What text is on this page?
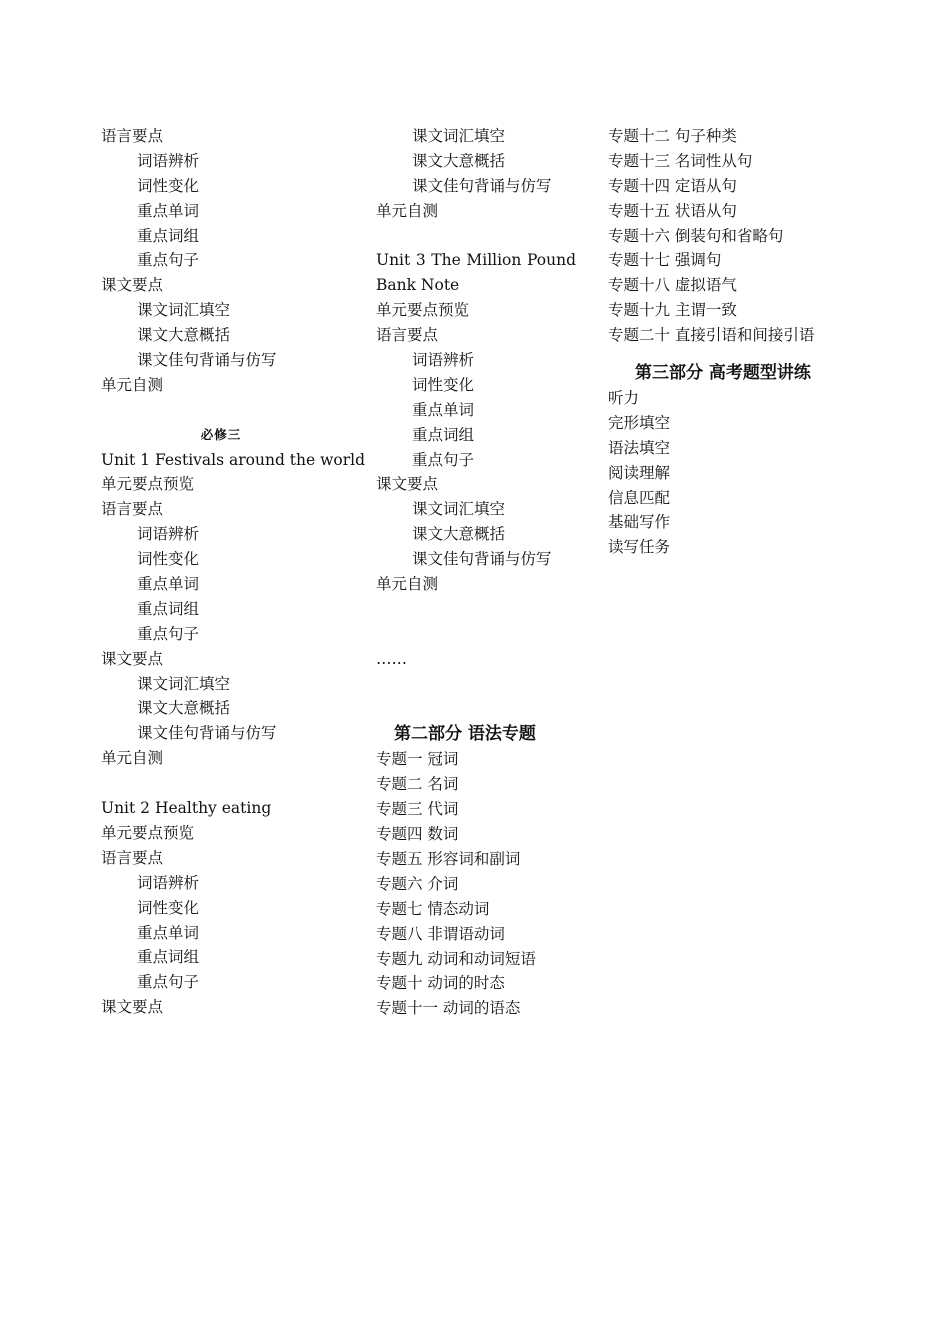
语言要点
词语辨析
词性变化
重点单词
重点词组
重点句子
课文要点
课文词汇填空
课文大意概括
课文佳句背诵与仿写
单元自测
必修三
Unit 1 Festivals around the world
单元要点预览
语言要点
词语辨析
词性变化
重点单词
重点词组
重点句子
课文要点
课文词汇填空
课文大意概括
课文佳句背诵与仿写
单元自测
Unit 2 Healthy eating
单元要点预览
语言要点
词语辨析
词性变化
重点单词
重点词组
重点句子
课文要点
课文词汇填空
课文大意概括
课文佳句背诵与仿写
单元自测
Unit 3 The Million Pound
Bank Note
单元要点预览
语言要点
词语辨析
词性变化
重点单词
重点词组
重点句子
课文要点
课文词汇填空
课文大意概括
课文佳句背诵与仿写
单元自测
……
第二部分 语法专题
专题一 冠词
专题二 名词
专题三 代词
专题四 数词
专题五 形容词和副词
专题六 介词
专题七 情态动词
专题八 非谓语动词
专题九 动词和动词短语
专题十 动词的时态
专题十一 动词的语态
专题十二 句子种类
专题十三 名词性从句
专题十四 定语从句
专题十五 状语从句
专题十六 倒装句和省略句
专题十七 强调句
专题十八 虚拟语气
专题十九 主谓一致
专题二十 直接引语和间接引语
第三部分 高考题型讲练
听力
完形填空
语法填空
阅读理解
信息匹配
基础写作
读写任务
